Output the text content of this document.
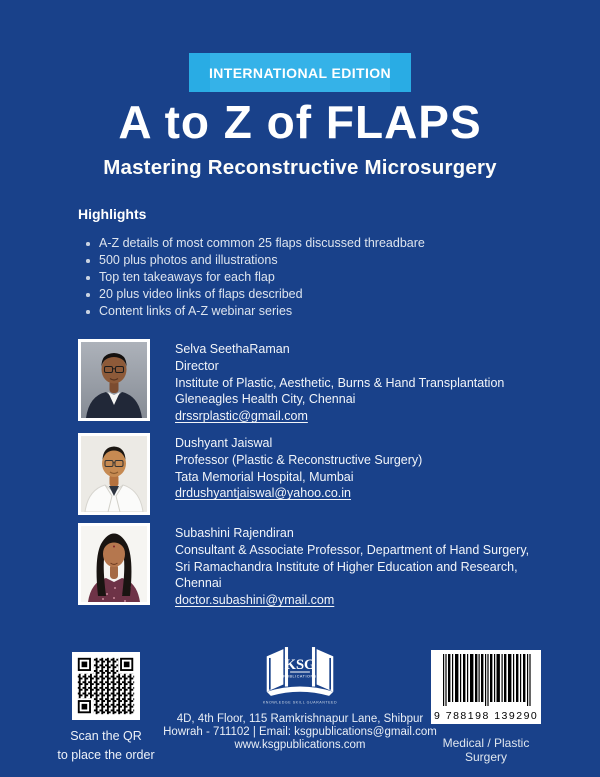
INTERNATIONAL EDITION
A to Z of FLAPS
Mastering Reconstructive Microsurgery
Highlights
A-Z details of most common 25 flaps discussed threadbare
500 plus photos and illustrations
Top ten takeaways for each flap
20 plus video links of flaps described
Content links of A-Z webinar series
Selva SeethaRaman
Director
Institute of Plastic, Aesthetic, Burns & Hand Transplantation
Gleneagles Health City, Chennai
drssrplastic@gmail.com
Dushyant Jaiswal
Professor (Plastic & Reconstructive Surgery)
Tata Memorial Hospital, Mumbai
drdushyantjaiswal@yahoo.co.in
Subashini Rajendiran
Consultant & Associate Professor, Department of Hand Surgery,
Sri Ramachandra Institute of Higher Education and Research, Chennai
doctor.subashini@ymail.com
Scan the QR
to place the order
KSG
PUBLICATIONS
KNOWLEDGE SKILL GUARANTEED
4D, 4th Floor, 115 Ramkrishnapur Lane, Shibpur
Howrah - 711102 | Email: ksgpublications@gmail.com
www.ksgpublications.com
9 788198 139290
Medical / Plastic Surgery
